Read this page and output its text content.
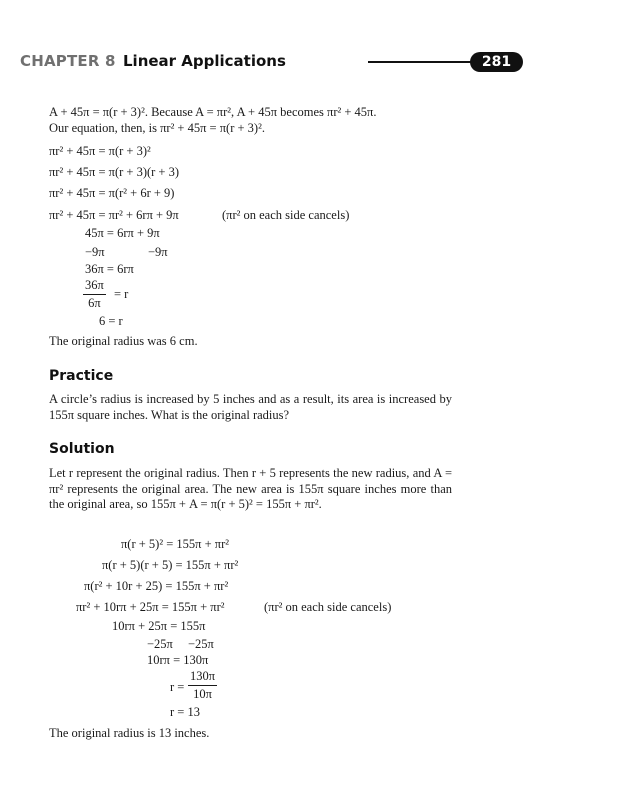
CHAPTER 8 Linear Applications	281
A + 45π = π(r + 3)². Because A = πr², A + 45π becomes πr² + 45π.
Our equation, then, is πr² + 45π = π(r + 3)².
πr² + 45π = π(r + 3)²
πr² + 45π = π(r + 3)(r + 3)
πr² + 45π = π(r² + 6r + 9)
πr² + 45π = πr² + 6rπ + 9π	(πr² on each side cancels)
45π = 6rπ + 9π
−9π	−9π
36π = 6rπ
$\frac{36\pi}{6\pi} = r$
6 = r
The original radius was 6 cm.
Practice
A circle’s radius is increased by 5 inches and as a result, its area is increased by 155π square inches. What is the original radius?
Solution
Let r represent the original radius. Then r + 5 represents the new radius, and A = πr² represents the original area. The new area is 155π square inches more than the original area, so 155π + A = π(r + 5)² = 155π + πr².
π(r + 5)² = 155π + πr²
π(r + 5)(r + 5) = 155π + πr²
π(r² + 10r + 25) = 155π + πr²
πr² + 10rπ + 25π = 155π + πr²	(πr² on each side cancels)
10rπ + 25π = 155π
−25π −25π
10rπ = 130π
$r = \frac{130\pi}{10\pi}$
r = 13
The original radius is 13 inches.
